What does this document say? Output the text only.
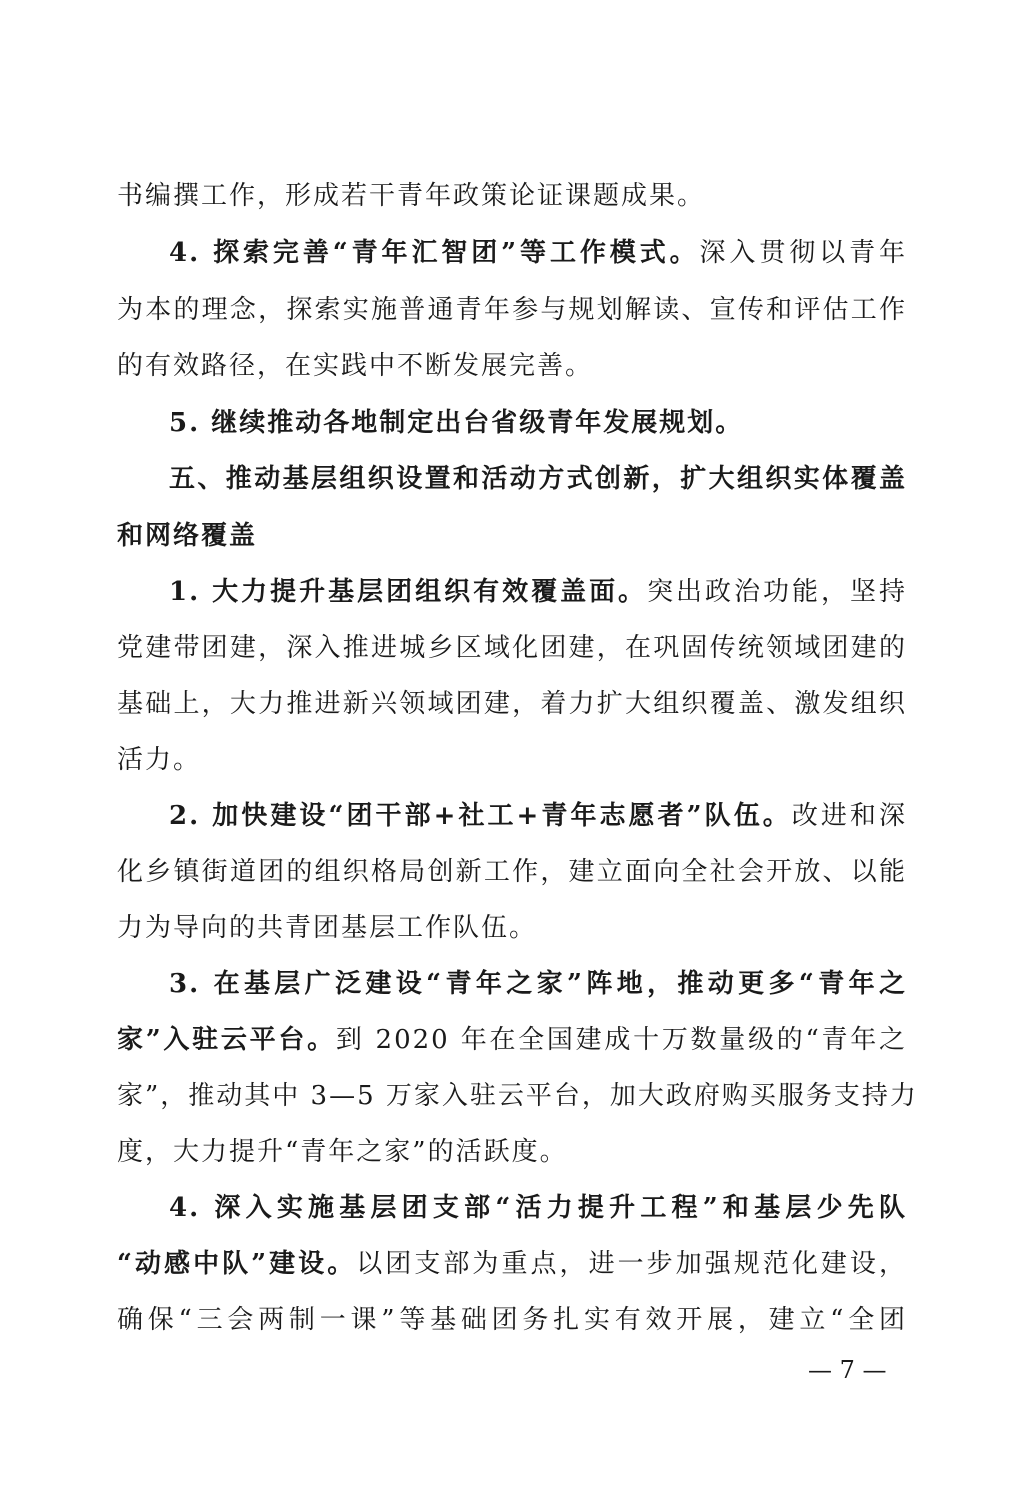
书编撰工作，形成若干青年政策论证课题成果。
4. 探索完善“青年汇智团”等工作模式。深入贯彻以青年
为本的理念，探索实施普通青年参与规划解读、宣传和评估工作
的有效路径，在实践中不断发展完善。
5. 继续推动各地制定出台省级青年发展规划。
五、推动基层组织设置和活动方式创新，扩大组织实体覆盖
和网络覆盖
1. 大力提升基层团组织有效覆盖面。突出政治功能，坚持
党建带团建，深入推进城乡区域化团建，在巩固传统领域团建的
基础上，大力推进新兴领域团建，着力扩大组织覆盖、激发组织
活力。
2. 加快建设“团干部+社工+青年志愿者”队伍。改进和深
化乡镇街道团的组织格局创新工作，建立面向全社会开放、以能
力为导向的共青团基层工作队伍。
3. 在基层广泛建设“青年之家”阵地，推动更多“青年之
家”入驻云平台。到 2020 年在全国建成十万数量级的“青年之
家”，推动其中 3—5 万家入驻云平台，加大政府购买服务支持力
度，大力提升“青年之家”的活跃度。
4. 深入实施基层团支部“活力提升工程”和基层少先队
“动感中队”建设。以团支部为重点，进一步加强规范化建设，
确保“三会两制一课”等基础团务扎实有效开展，建立“全团
— 7 —
